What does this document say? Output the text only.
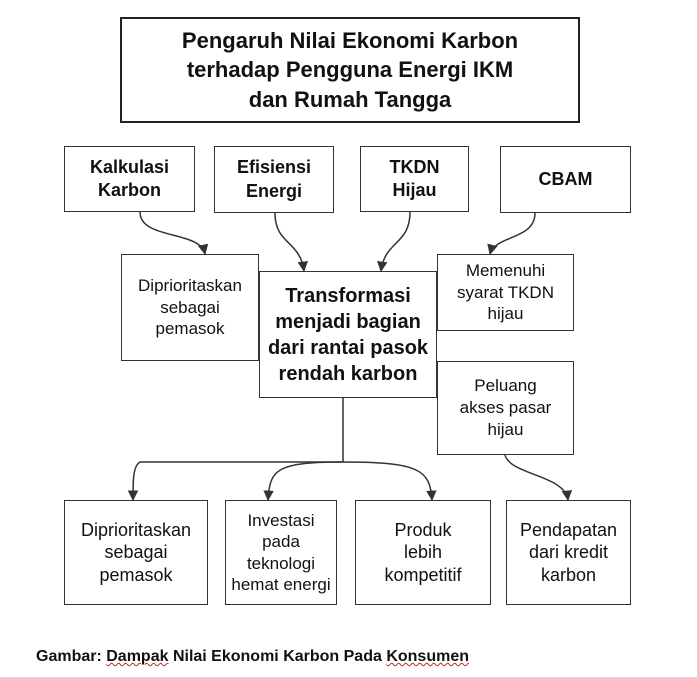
Pengaruh Nilai Ekonomi Karbon
terhadap Pengguna Energi IKM
dan Rumah Tangga
Kalkulasi
Karbon
Efisiensi
Energi
TKDN
Hijau
CBAM
Diprioritaskan
sebagai
pemasok
Transformasi
menjadi bagian
dari rantai pasok
rendah karbon
Memenuhi
syarat TKDN
hijau
Peluang
akses pasar
hijau
Diprioritaskan
sebagai
pemasok
Investasi
pada
teknologi
hemat energi
Produk
lebih
kompetitif
Pendapatan
dari kredit
karbon
Gambar: Dampak Nilai Ekonomi Karbon Pada Konsumen
